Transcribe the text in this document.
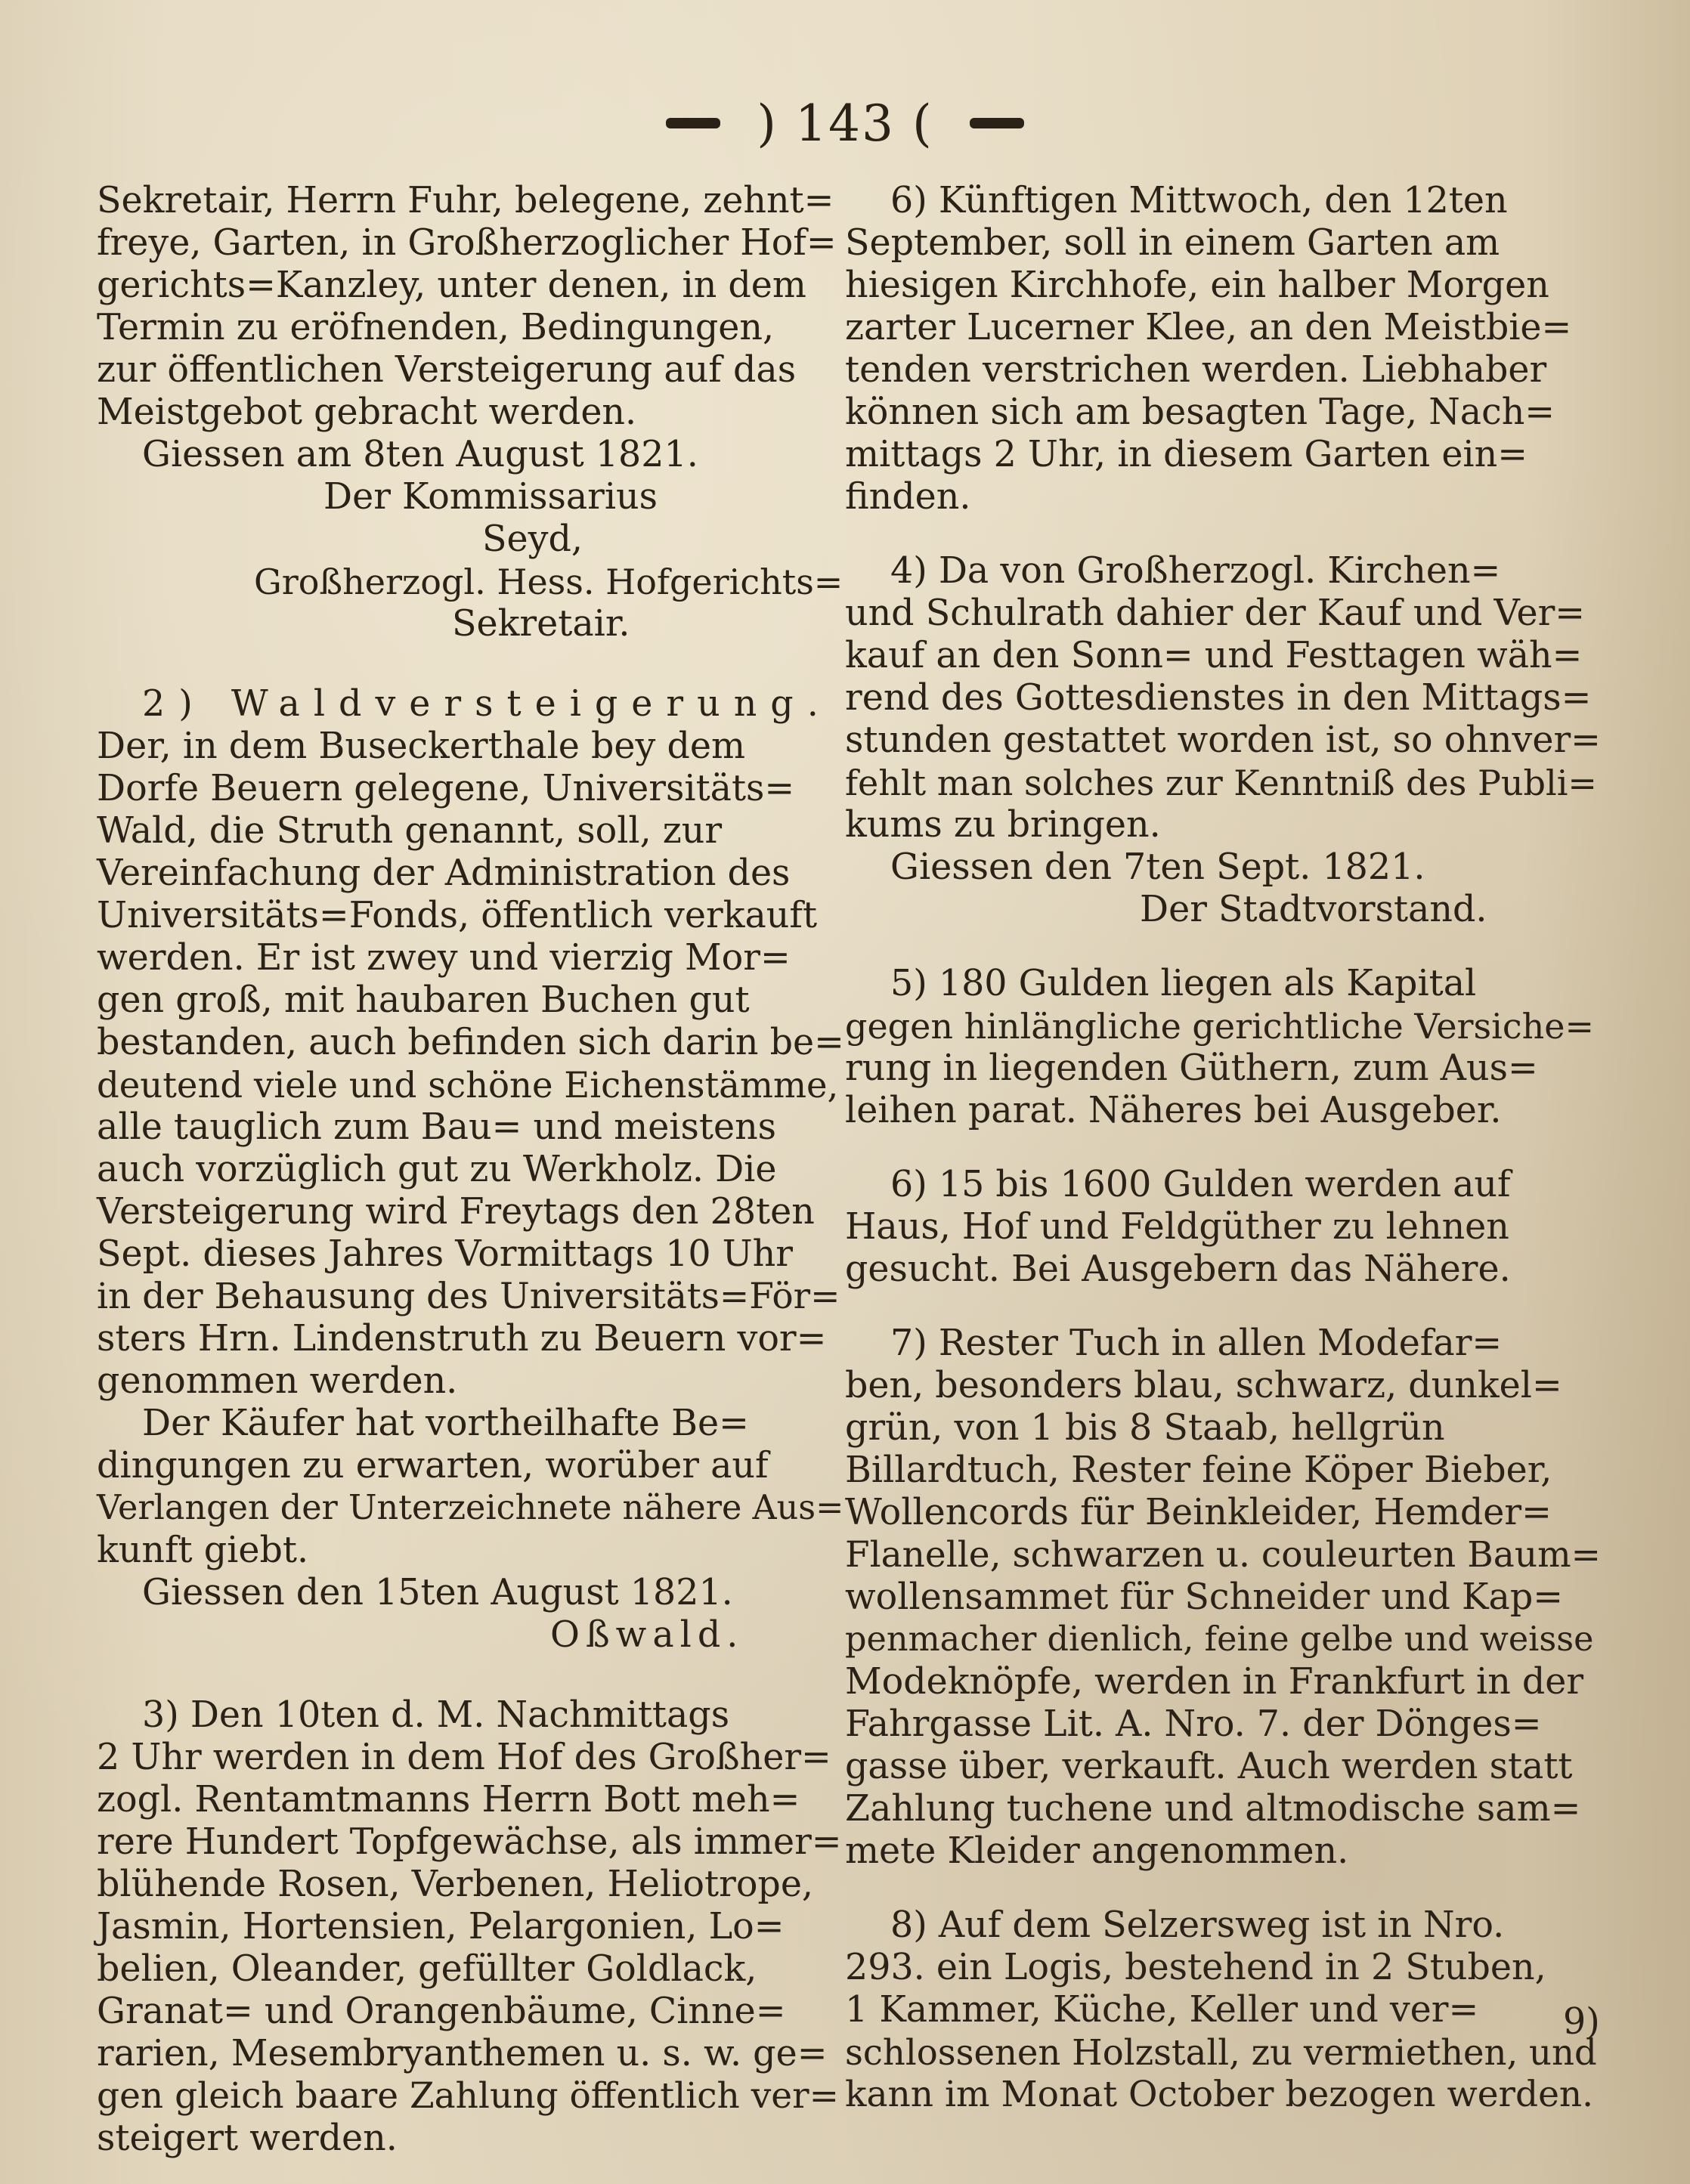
) 143 (
Sekretair, Herrn Fuhr, belegene, zehnt=
freye, Garten, in Großherzoglicher Hof=
gerichts=Kanzley, unter denen, in dem
Termin zu eröfnenden, Bedingungen,
zur öffentlichen Versteigerung auf das
Meistgebot gebracht werden.
Giessen am 8ten August 1821.
Der Kommissarius
Seyd,
Großherzogl. Hess. Hofgerichts=
Sekretair.
2) Waldversteigerung.
Der, in dem Buseckerthale bey dem
Dorfe Beuern gelegene, Universitäts=
Wald, die Struth genannt, soll, zur
Vereinfachung der Administration des
Universitäts=Fonds, öffentlich verkauft
werden. Er ist zwey und vierzig Mor=
gen groß, mit haubaren Buchen gut
bestanden, auch befinden sich darin be=
deutend viele und schöne Eichenstämme,
alle tauglich zum Bau= und meistens
auch vorzüglich gut zu Werkholz. Die
Versteigerung wird Freytags den 28ten
Sept. dieses Jahres Vormittags 10 Uhr
in der Behausung des Universitäts=För=
sters Hrn. Lindenstruth zu Beuern vor=
genommen werden.
Der Käufer hat vortheilhafte Be=
dingungen zu erwarten, worüber auf
Verlangen der Unterzeichnete nähere Aus=
kunft giebt.
Giessen den 15ten August 1821.
Oßwald.
3) Den 10ten d. M. Nachmittags
2 Uhr werden in dem Hof des Großher=
zogl. Rentamtmanns Herrn Bott meh=
rere Hundert Topfgewächse, als immer=
blühende Rosen, Verbenen, Heliotrope,
Jasmin, Hortensien, Pelargonien, Lo=
belien, Oleander, gefüllter Goldlack,
Granat= und Orangenbäume, Cinne=
rarien, Mesembryanthemen u. s. w. ge=
gen gleich baare Zahlung öffentlich ver=
steigert werden.
6) Künftigen Mittwoch, den 12ten
September, soll in einem Garten am
hiesigen Kirchhofe, ein halber Morgen
zarter Lucerner Klee, an den Meistbie=
tenden verstrichen werden. Liebhaber
können sich am besagten Tage, Nach=
mittags 2 Uhr, in diesem Garten ein=
finden.
4) Da von Großherzogl. Kirchen=
und Schulrath dahier der Kauf und Ver=
kauf an den Sonn= und Festtagen wäh=
rend des Gottesdienstes in den Mittags=
stunden gestattet worden ist, so ohnver=
fehlt man solches zur Kenntniß des Publi=
kums zu bringen.
Giessen den 7ten Sept. 1821.
Der Stadtvorstand.
5) 180 Gulden liegen als Kapital
gegen hinlängliche gerichtliche Versiche=
rung in liegenden Güthern, zum Aus=
leihen parat. Näheres bei Ausgeber.
6) 15 bis 1600 Gulden werden auf
Haus, Hof und Feldgüther zu lehnen
gesucht. Bei Ausgebern das Nähere.
7) Rester Tuch in allen Modefar=
ben, besonders blau, schwarz, dunkel=
grün, von 1 bis 8 Staab, hellgrün
Billardtuch, Rester feine Köper Bieber,
Wollencords für Beinkleider, Hemder=
Flanelle, schwarzen u. couleurten Baum=
wollensammet für Schneider und Kap=
penmacher dienlich, feine gelbe und weisse
Modeknöpfe, werden in Frankfurt in der
Fahrgasse Lit. A. Nro. 7. der Dönges=
gasse über, verkauft. Auch werden statt
Zahlung tuchene und altmodische sam=
mete Kleider angenommen.
8) Auf dem Selzersweg ist in Nro.
293. ein Logis, bestehend in 2 Stuben,
1 Kammer, Küche, Keller und ver=
schlossenen Holzstall, zu vermiethen, und
kann im Monat October bezogen werden.
9)
